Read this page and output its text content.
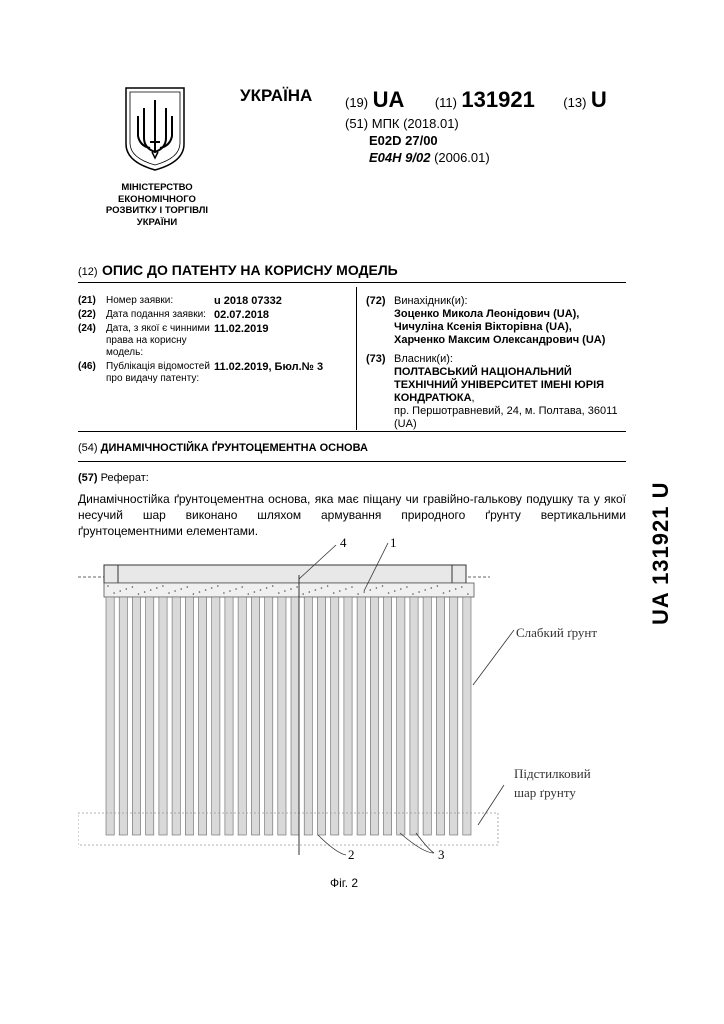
МІНІСТЕРСТВО
ЕКОНОМІЧНОГО
РОЗВИТКУ І ТОРГІВЛІ
УКРАЇНИ
УКРАЇНА	(19) UA (11) 131921 (13) U
(51) МПК (2018.01)
E02D 27/00
E04H 9/02 (2006.01)
(12) ОПИС ДО ПАТЕНТУ НА КОРИСНУ МОДЕЛЬ
(21)	Номер заявки:	u 2018 07332
(22)	Дата подання заявки: 02.07.2018
(24)	Дата, з якої є чинними права на корисну модель:
11.02.2019
(46)	Публікація відомостей про видачу патенту:
11.02.2019, Бюл.№ 3
(72) Винахідник(и):
Зоценко Микола Леонідович (UA),
Чичуліна Ксенія Вікторівна (UA),
Харченко Максим Олександрович (UA)
(73) Власник(и):
ПОЛТАВСЬКИЙ НАЦІОНАЛЬНИЙ
ТЕХНІЧНИЙ УНІВЕРСИТЕТ ІМЕНІ ЮРІЯ
КОНДРАТЮКА,
пр. Першотравневий, 24, м. Полтава, 36011
(UA)
(54) ДИНАМІЧНОСТІЙКА ҐРУНТОЦЕМЕНТНА ОСНОВА
(57) Реферат:
Динамічностійка ґрунтоцементна основа, яка має піщану чи гравійно-галькову подушку та у якої
несучий шар виконано шляхом армування природного ґрунту вертикальними
ґрунтоцементними елементами.
4	1
Слабкий ґрунт
Підстилковий
шар ґрунту
2	3
Фіг. 2
UA 131921 U
